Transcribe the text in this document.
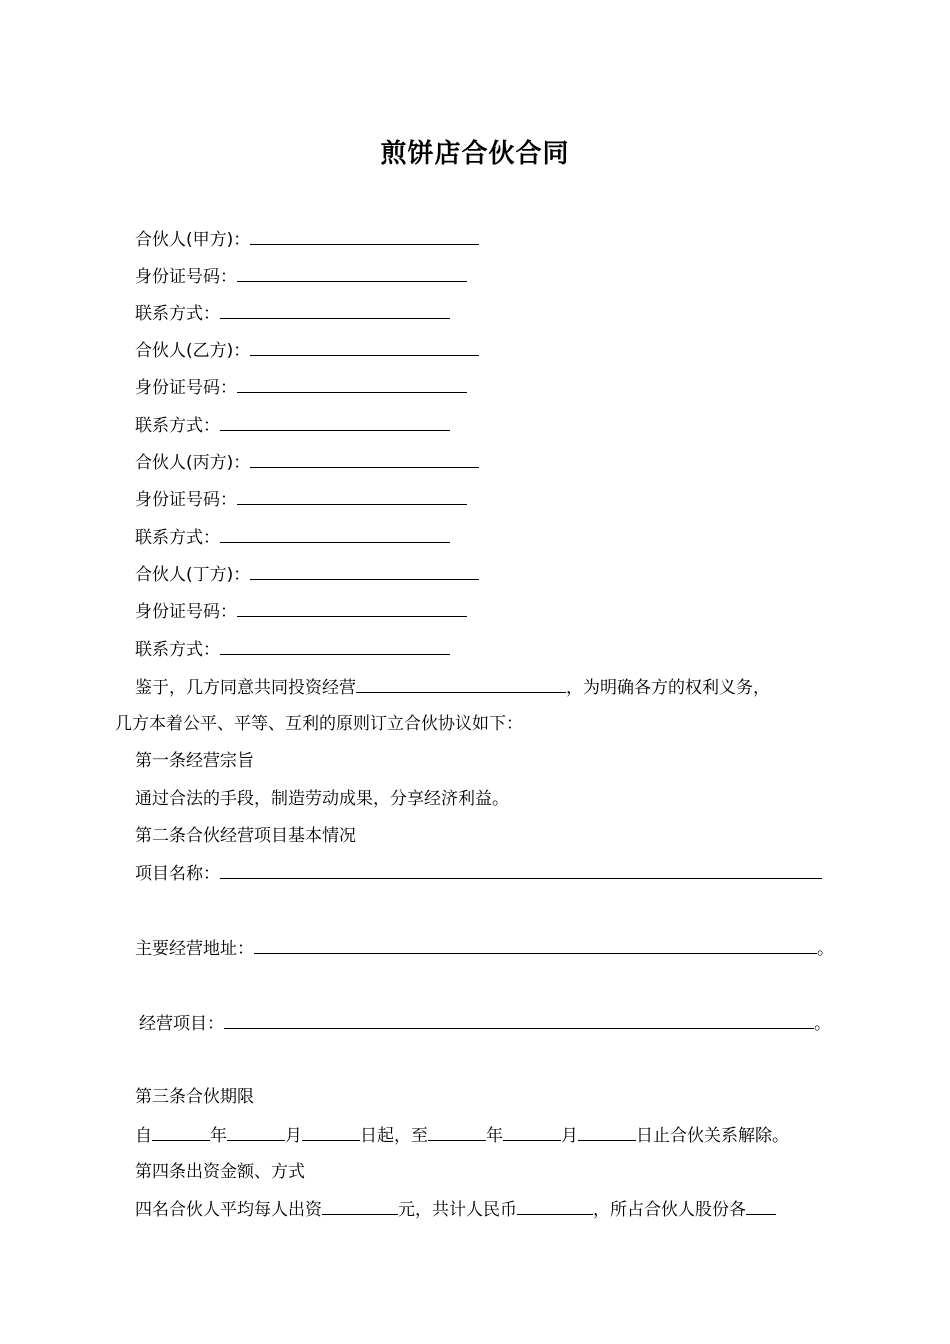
煎饼店合伙合同
合伙人(甲方)：
身份证号码：
联系方式：
合伙人(乙方)：
身份证号码：
联系方式：
合伙人(丙方)：
身份证号码：
联系方式：
合伙人(丁方)：
身份证号码：
联系方式：
鉴于，几方同意共同投资经营	，为明确各方的权利义务，
几方本着公平、平等、互利的原则订立合伙协议如下：
第一条经营宗旨
通过合法的手段，制造劳动成果，分享经济利益。
第二条合伙经营项目基本情况
项目名称：
主要经营地址：	。
经营项目：	。
第三条合伙期限
自	年	月	日起，至	年	月	日止合伙关系解除。
第四条出资金额、方式
四名合伙人平均每人出资	元，共计人民币	，所占合伙人股份各
